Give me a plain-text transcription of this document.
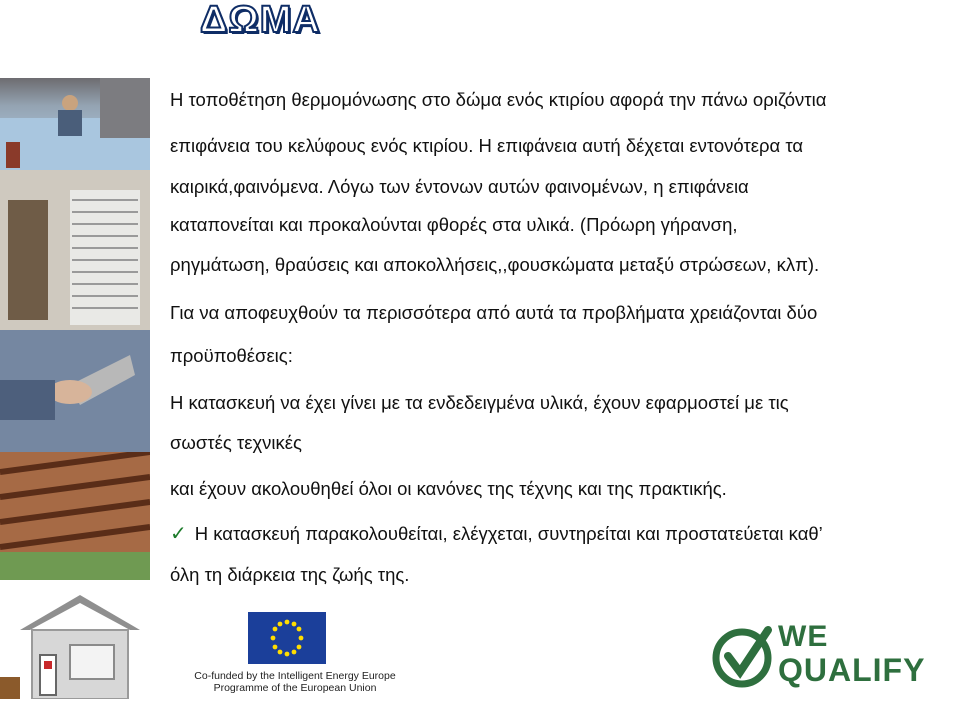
ΔΩΜΑ
Η τοποθέτηση θερμομόνωσης στο δώμα ενός κτιρίου αφορά την πάνω οριζόντια
επιφάνεια του κελύφους ενός κτιρίου. Η επιφάνεια αυτή δέχεται εντονότερα τα
καιρικά,φαινόμενα. Λόγω των έντονων αυτών φαινομένων, η επιφάνεια
καταπονείται και προκαλούνται φθορές στα υλικά. (Πρόωρη γήρανση,
ρηγμάτωση, θραύσεις και αποκολλήσεις,,φουσκώματα μεταξύ στρώσεων, κλπ).
Για να αποφευχθούν τα περισσότερα από αυτά τα προβλήματα χρειάζονται δύο
προϋποθέσεις:
Η κατασκευή να έχει γίνει με τα ενδεδειγμένα υλικά, έχουν εφαρμοστεί με τις
σωστές τεχνικές
και έχουν ακολουθηθεί όλοι οι κανόνες της τέχνης και της πρακτικής.
✓ Η κατασκευή παρακολουθείται, ελέγχεται, συντηρείται και προστατεύεται καθ’
όλη τη διάρκεια της ζωής της.
Co-funded by the Intelligent Energy Europe
Programme of the European Union
WE
QUALIFY
